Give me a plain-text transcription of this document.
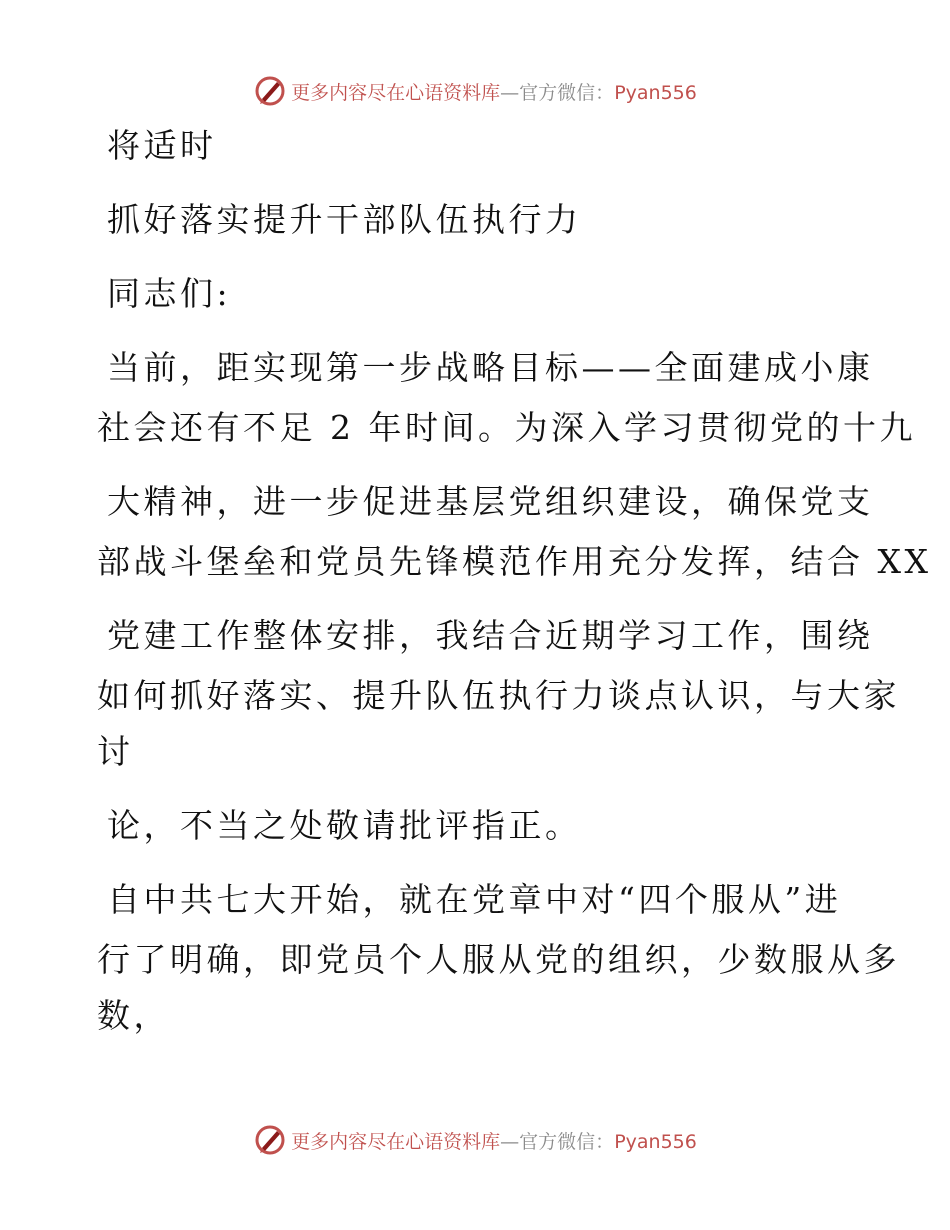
更多内容尽在心语资料库—官方微信：Pyan556
将适时
抓好落实提升干部队伍执行力
同志们:
当前，距实现第一步战略目标——全面建成小康
社会还有不足 2 年时间。为深入学习贯彻党的十九
大精神，进一步促进基层党组织建设，确保党支
部战斗堡垒和党员先锋模范作用充分发挥，结合 XX
党建工作整体安排，我结合近期学习工作，围绕
如何抓好落实、提升队伍执行力谈点认识，与大家
讨
论，不当之处敬请批评指正。
自中共七大开始，就在党章中对“四个服从”进
行了明确，即党员个人服从党的组织，少数服从多
数，
更多内容尽在心语资料库—官方微信：Pyan556
